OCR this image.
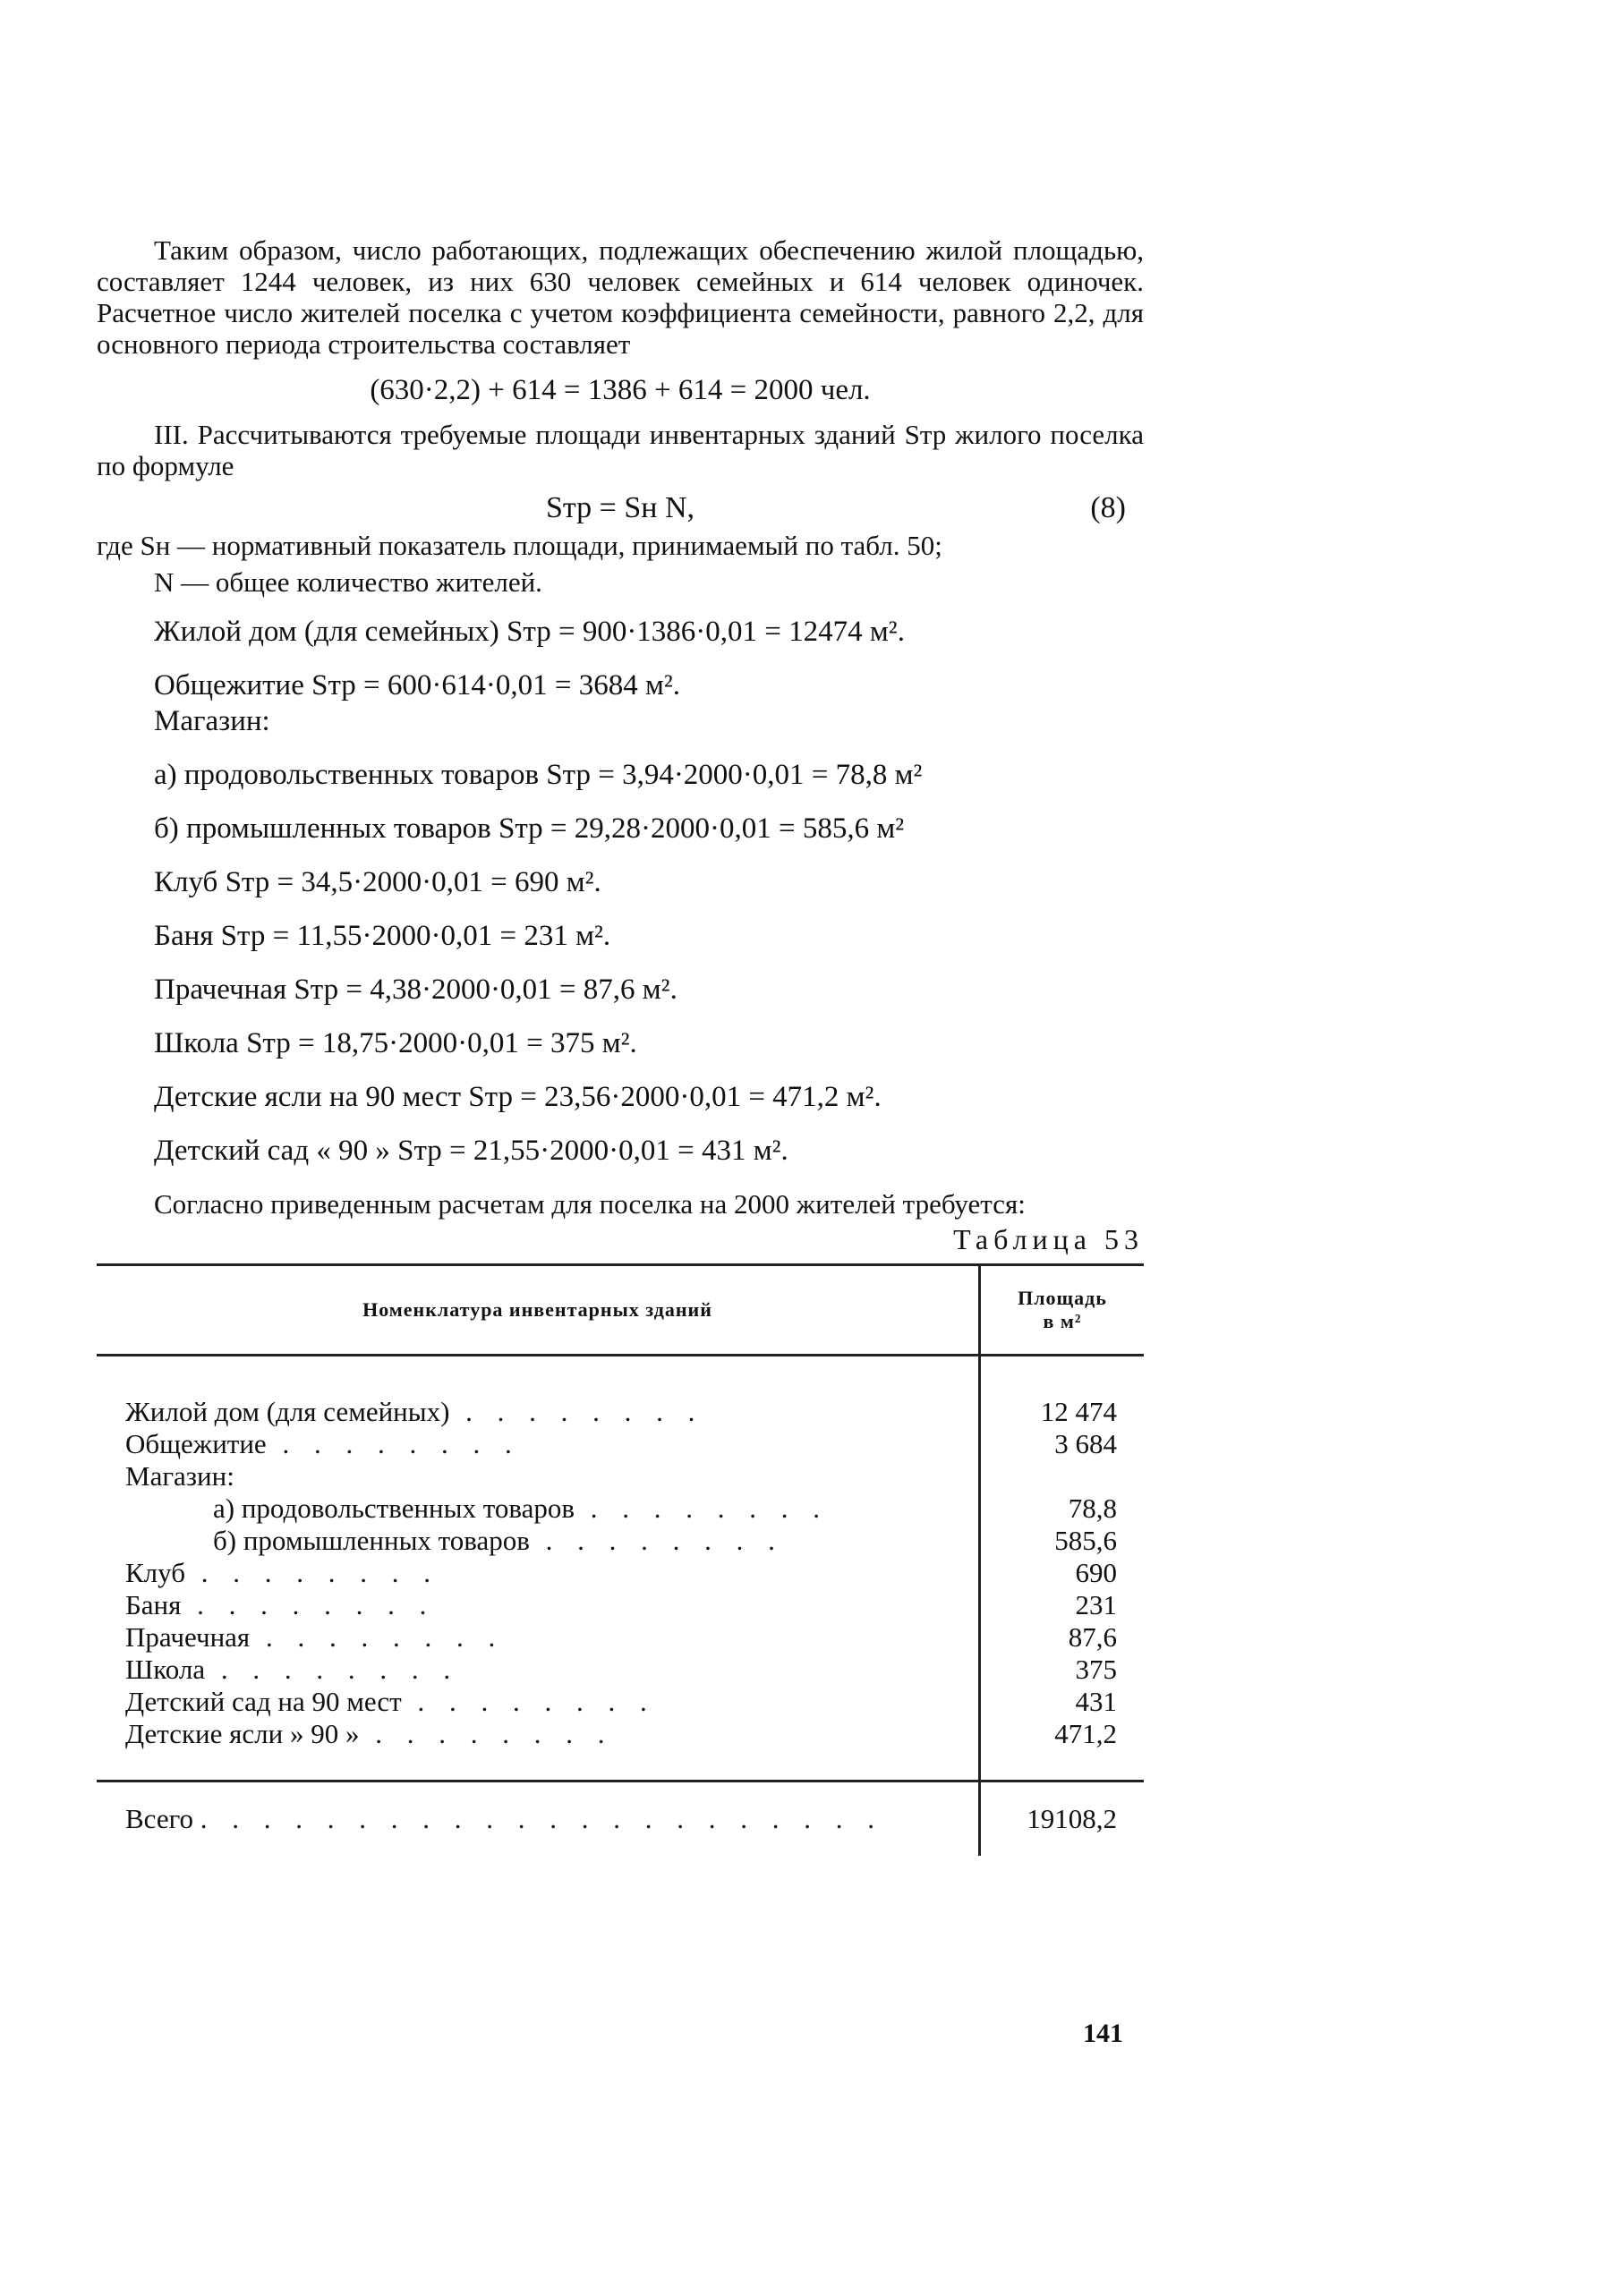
Таким образом, число работающих, подлежащих обеспечению жилой площадью, составляет 1244 человек, из них 630 человек семейных и 614 человек одиночек. Расчетное число жителей поселка с учетом коэффициента семейности, равного 2,2, для основного периода строительства составляет

(630·2,2) + 614 = 1386 + 614 = 2000 чел.

III. Рассчитываются требуемые площади инвентарных зданий Sтр жилого поселка по формуле

Sтр = Sн N,	(8)

где Sн — нормативный показатель площади, принимаемый по табл. 50;

N — общее количество жителей.

Жилой дом (для семейных) Sтр = 900·1386·0,01 = 12474 м².

Общежитие Sтр = 600·614·0,01 = 3684 м².

Магазин:

а) продовольственных товаров Sтр = 3,94·2000·0,01 = 78,8 м²

б) промышленных товаров Sтр = 29,28·2000·0,01 = 585,6 м²

Клуб Sтр = 34,5·2000·0,01 = 690 м².

Баня Sтр = 11,55·2000·0,01 = 231 м².

Прачечная Sтр = 4,38·2000·0,01 = 87,6 м².

Школа Sтр = 18,75·2000·0,01 = 375 м².

Детские ясли на 90 мест Sтр = 23,56·2000·0,01 = 471,2 м².

Детский сад « 90 » Sтр = 21,55·2000·0,01 = 431 м².

Согласно приведенным расчетам для поселка на 2000 жителей требуется:

Таблица 53

Номенклатура инвентарных зданий	Площадь
в м²

Жилой дом (для семейных) . . . . . . . .	12 474
Общежитие . . . . . . . .	3 684
Магазин:	
а) продовольственных товаров . . . . . . . .	78,8
б) промышленных товаров . . . . . . . .	585,6
Клуб . . . . . . . .	690
Баня . . . . . . . .	231
Прачечная . . . . . . . .	87,6
Школа . . . . . . . .	375
Детский сад на 90 мест . . . . . . . .	431
Детские ясли » 90 » . . . . . . . .	471,2

Всего . . . . . . . . . . . . . . . . . . . . . .	19108,2
141
